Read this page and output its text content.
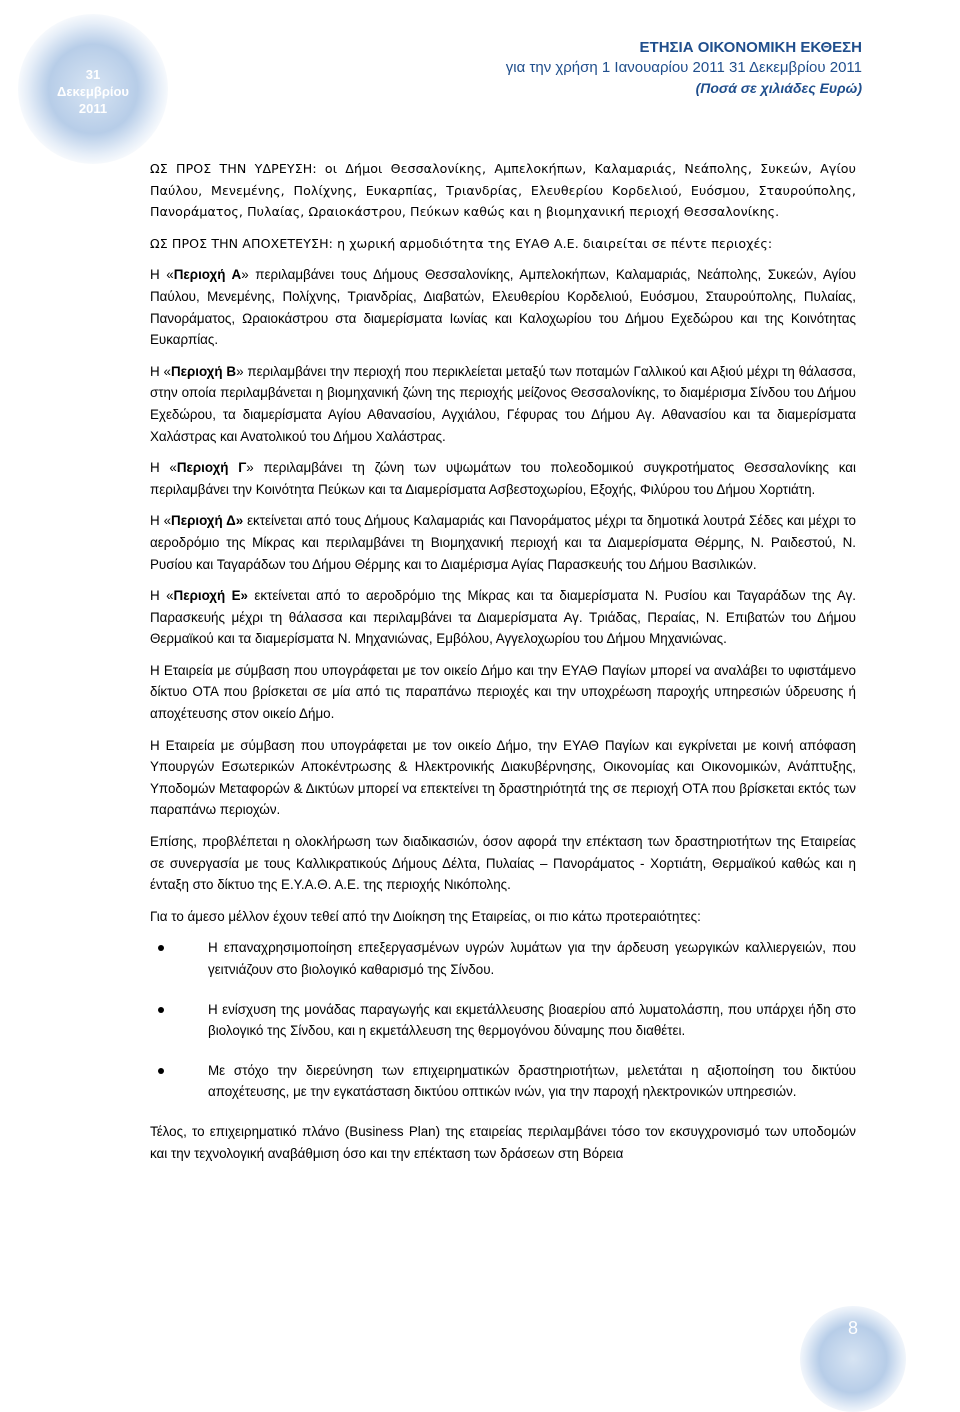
31
Δεκεμβρίου
2011
ΕΤΗΣΙΑ ΟΙΚΟΝΟΜΙΚΗ ΕΚΘΕΣΗ
για την χρήση 1 Ιανουαρίου 2011 31 Δεκεμβρίου 2011
(Ποσά σε χιλιάδες Ευρώ)

ΩΣ ΠΡΟΣ ΤΗΝ ΥΔΡΕΥΣΗ: οι Δήμοι Θεσσαλονίκης, Αμπελοκήπων, Καλαμαριάς, Νεάπολης, Συκεών, Αγίου Παύλου, Μενεμένης, Πολίχνης, Ευκαρπίας, Τριανδρίας, Ελευθερίου Κορδελιού, Ευόσμου, Σταυρούπολης, Πανοράματος, Πυλαίας, Ωραιοκάστρου, Πεύκων καθώς και η βιομηχανική περιοχή Θεσσαλονίκης.

ΩΣ ΠΡΟΣ ΤΗΝ ΑΠΟΧΕΤΕΥΣΗ: η χωρική αρμοδιότητα της ΕΥΑΘ Α.Ε. διαιρείται σε πέντε περιοχές:

Η «Περιοχή Α» περιλαμβάνει τους Δήμους Θεσσαλονίκης, Αμπελοκήπων, Καλαμαριάς, Νεάπολης, Συκεών, Αγίου Παύλου, Μενεμένης, Πολίχνης, Τριανδρίας, Διαβατών, Ελευθερίου Κορδελιού, Ευόσμου, Σταυρούπολης, Πυλαίας, Πανοράματος, Ωραιοκάστρου στα διαμερίσματα Ιωνίας και Καλοχωρίου του Δήμου Εχεδώρου και της Κοινότητας Ευκαρπίας.

Η «Περιοχή Β» περιλαμβάνει την περιοχή που περικλείεται μεταξύ των ποταμών Γαλλικού και Αξιού μέχρι τη θάλασσα, στην οποία περιλαμβάνεται η βιομηχανική ζώνη της περιοχής μείζονος Θεσσαλονίκης, το διαμέρισμα Σίνδου του Δήμου Εχεδώρου, τα διαμερίσματα Αγίου Αθανασίου, Αγχιάλου, Γέφυρας του Δήμου Αγ. Αθανασίου και τα διαμερίσματα Χαλάστρας και Ανατολικού του Δήμου Χαλάστρας.

Η «Περιοχή Γ» περιλαμβάνει τη ζώνη των υψωμάτων του πολεοδομικού συγκροτήματος Θεσσαλονίκης και περιλαμβάνει την Κοινότητα Πεύκων και τα Διαμερίσματα Ασβεστοχωρίου, Εξοχής, Φιλύρου του Δήμου Χορτιάτη.

Η «Περιοχή Δ» εκτείνεται από τους Δήμους Καλαμαριάς και Πανοράματος μέχρι τα δημοτικά λουτρά Σέδες και μέχρι το αεροδρόμιο της Μίκρας και περιλαμβάνει τη Βιομηχανική περιοχή και τα Διαμερίσματα Θέρμης, Ν. Ραιδεστού, Ν. Ρυσίου και Ταγαράδων του Δήμου Θέρμης και το Διαμέρισμα Αγίας Παρασκευής του Δήμου Βασιλικών.

Η «Περιοχή Ε» εκτείνεται από το αεροδρόμιο της Μίκρας και τα διαμερίσματα Ν. Ρυσίου και Ταγαράδων της Αγ. Παρασκευής μέχρι τη θάλασσα και περιλαμβάνει τα Διαμερίσματα Αγ. Τριάδας, Περαίας, Ν. Επιβατών του Δήμου Θερμαϊκού και τα διαμερίσματα Ν. Μηχανιώνας, Εμβόλου, Αγγελοχωρίου του Δήμου Μηχανιώνας.

Η Εταιρεία με σύμβαση που υπογράφεται με τον οικείο Δήμο και την ΕΥΑΘ Παγίων μπορεί να αναλάβει το υφιστάμενο δίκτυο ΟΤΑ που βρίσκεται σε μία από τις παραπάνω περιοχές και την υποχρέωση παροχής υπηρεσιών ύδρευσης ή αποχέτευσης στον οικείο Δήμο.

Η Εταιρεία με σύμβαση που υπογράφεται με τον οικείο Δήμο, την ΕΥΑΘ Παγίων και εγκρίνεται με κοινή απόφαση Υπουργών Εσωτερικών Αποκέντρωσης & Ηλεκτρονικής Διακυβέρνησης, Οικονομίας και Οικονομικών, Ανάπτυξης, Υποδομών Μεταφορών & Δικτύων μπορεί να επεκτείνει τη δραστηριότητά της σε περιοχή ΟΤΑ που βρίσκεται εκτός των παραπάνω περιοχών.

Επίσης, προβλέπεται η ολοκλήρωση των διαδικασιών, όσον αφορά την επέκταση των δραστηριοτήτων της Εταιρείας σε συνεργασία με τους Καλλικρατικούς Δήμους Δέλτα, Πυλαίας – Πανοράματος - Χορτιάτη, Θερμαϊκού καθώς και η ένταξη στο δίκτυο της Ε.Υ.Α.Θ. Α.Ε. της περιοχής Νικόπολης.

Για το άμεσο μέλλον έχουν τεθεί από την Διοίκηση της Εταιρείας, οι πιο κάτω προτεραιότητες:

Η επαναχρησιμοποίηση επεξεργασμένων υγρών λυμάτων για την άρδευση γεωργικών καλλιεργειών, που γειτνιάζουν στο βιολογικό καθαρισμό της Σίνδου.
Η ενίσχυση της μονάδας παραγωγής και εκμετάλλευσης βιοαερίου από λυματολάσπη, που υπάρχει ήδη στο βιολογικό της Σίνδου, και η εκμετάλλευση της θερμογόνου δύναμης που διαθέτει.
Με στόχο την διερεύνηση των επιχειρηματικών δραστηριοτήτων, μελετάται η αξιοποίηση του δικτύου αποχέτευσης, με την εγκατάσταση δικτύου οπτικών ινών, για την παροχή ηλεκτρονικών υπηρεσιών.

Τέλος, το επιχειρηματικό πλάνο (Business Plan) της εταιρείας περιλαμβάνει τόσο τον εκσυγχρονισμό των υποδομών και την τεχνολογική αναβάθμιση όσο και την επέκταση των δράσεων στη Βόρεια

8
